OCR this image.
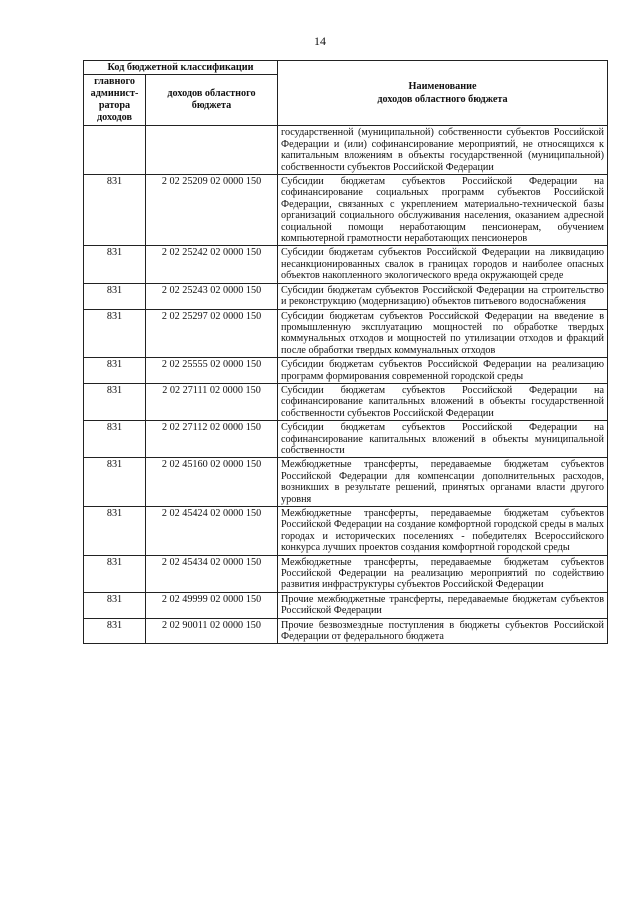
14
Код бюджетной классификации		Наименование
доходов областного бюджета

главного админист-ратора доходов	доходов областного бюджета	
		государственной (муниципальной) собственности субъектов Российской Федерации и (или) софинансирование мероприятий, не относящихся к капитальным вложениям в объекты государственной (муниципальной) собственности субъектов Российской Федерации
831	2 02 25209 02 0000 150	Субсидии бюджетам субъектов Российской Федерации на софинансирование социальных программ субъектов Российской Федерации, связанных с укреплением материально-технической базы организаций социального обслуживания населения, оказанием адресной социальной помощи неработающим пенсионерам, обучением компьютерной грамотности неработающих пенсионеров
831	2 02 25242 02 0000 150	Субсидии бюджетам субъектов Российской Федерации на ликвидацию несанкционированных свалок в границах городов и наиболее опасных объектов накопленного экологического вреда окружающей среде
831	2 02 25243 02 0000 150	Субсидии бюджетам субъектов Российской Федерации на строительство и реконструкцию (модернизацию) объектов питьевого водоснабжения
831	2 02 25297 02 0000 150	Субсидии бюджетам субъектов Российской Федерации на введение в промышленную эксплуатацию мощностей по обработке твердых коммунальных отходов и мощностей по утилизации отходов и фракций после обработки твердых коммунальных отходов
831	2 02 25555 02 0000 150	Субсидии бюджетам субъектов Российской Федерации на реализацию программ формирования современной городской среды
831	2 02 27111 02 0000 150	Субсидии бюджетам субъектов Российской Федерации на софинансирование капитальных вложений в объекты государственной собственности субъектов Российской Федерации
831	2 02 27112 02 0000 150	Субсидии бюджетам субъектов Российской Федерации на софинансирование капитальных вложений в объекты муниципальной собственности
831	2 02 45160 02 0000 150	Межбюджетные трансферты, передаваемые бюджетам субъектов Российской Федерации для компенсации дополнительных расходов, возникших в результате решений, принятых органами власти другого уровня
831	2 02 45424 02 0000 150	Межбюджетные трансферты, передаваемые бюджетам субъектов Российской Федерации на создание комфортной городской среды в малых городах и исторических поселениях - победителях Всероссийского конкурса лучших проектов создания комфортной городской среды
831	2 02 45434 02 0000 150	Межбюджетные трансферты, передаваемые бюджетам субъектов Российской Федерации на реализацию мероприятий по содействию развития инфраструктуры субъектов Российской Федерации
831	2 02 49999 02 0000 150	Прочие межбюджетные трансферты, передаваемые бюджетам субъектов Российской Федерации
831	2 02 90011 02 0000 150	Прочие безвозмездные поступления в бюджеты субъектов Российской Федерации от федерального бюджета
